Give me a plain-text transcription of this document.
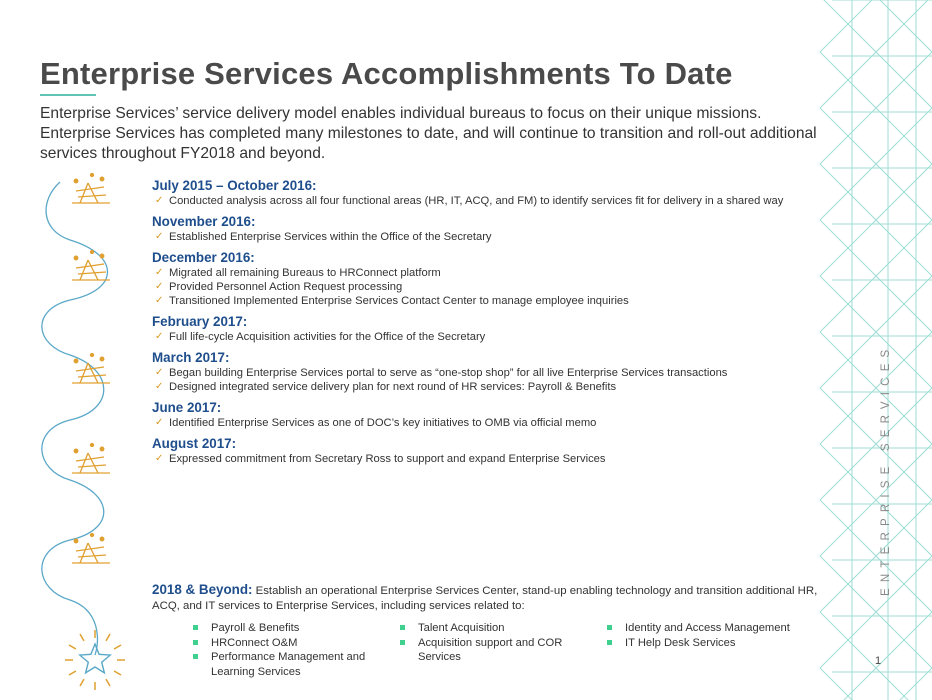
Enterprise Services Accomplishments To Date

Enterprise Services’ service delivery model enables individual bureaus to focus on their unique missions. Enterprise Services has completed many milestones to date, and will continue to transition and roll-out additional services throughout FY2018 and beyond.

July 2015 – October 2016:
✓ Conducted analysis across all four functional areas (HR, IT, ACQ, and FM) to identify services fit for delivery in a shared way
November 2016:
✓ Established Enterprise Services within the Office of the Secretary
December 2016:
✓ Migrated all remaining Bureaus to HRConnect platform
✓ Provided Personnel Action Request processing
✓ Transitioned Implemented Enterprise Services Contact Center to manage employee inquiries
February 2017:
✓ Full life-cycle Acquisition activities for the Office of the Secretary
March 2017:
✓ Began building Enterprise Services portal to serve as “one-stop shop” for all live Enterprise Services transactions
✓ Designed integrated service delivery plan for next round of HR services: Payroll & Benefits
June 2017:
✓ Identified Enterprise Services as one of DOC’s key initiatives to OMB via official memo
August 2017:
✓ Expressed commitment from Secretary Ross to support and expand Enterprise Services
2018 & Beyond: Establish an operational Enterprise Services Center, stand-up enabling technology and transition additional HR, ACQ, and IT services to Enterprise Services, including services related to:
Payroll & Benefits
HRConnect O&M
Performance Management and Learning Services
Talent Acquisition
Acquisition support and COR Services
Identity and Access Management
IT Help Desk Services
ENTERPRISE SERVICES
1
